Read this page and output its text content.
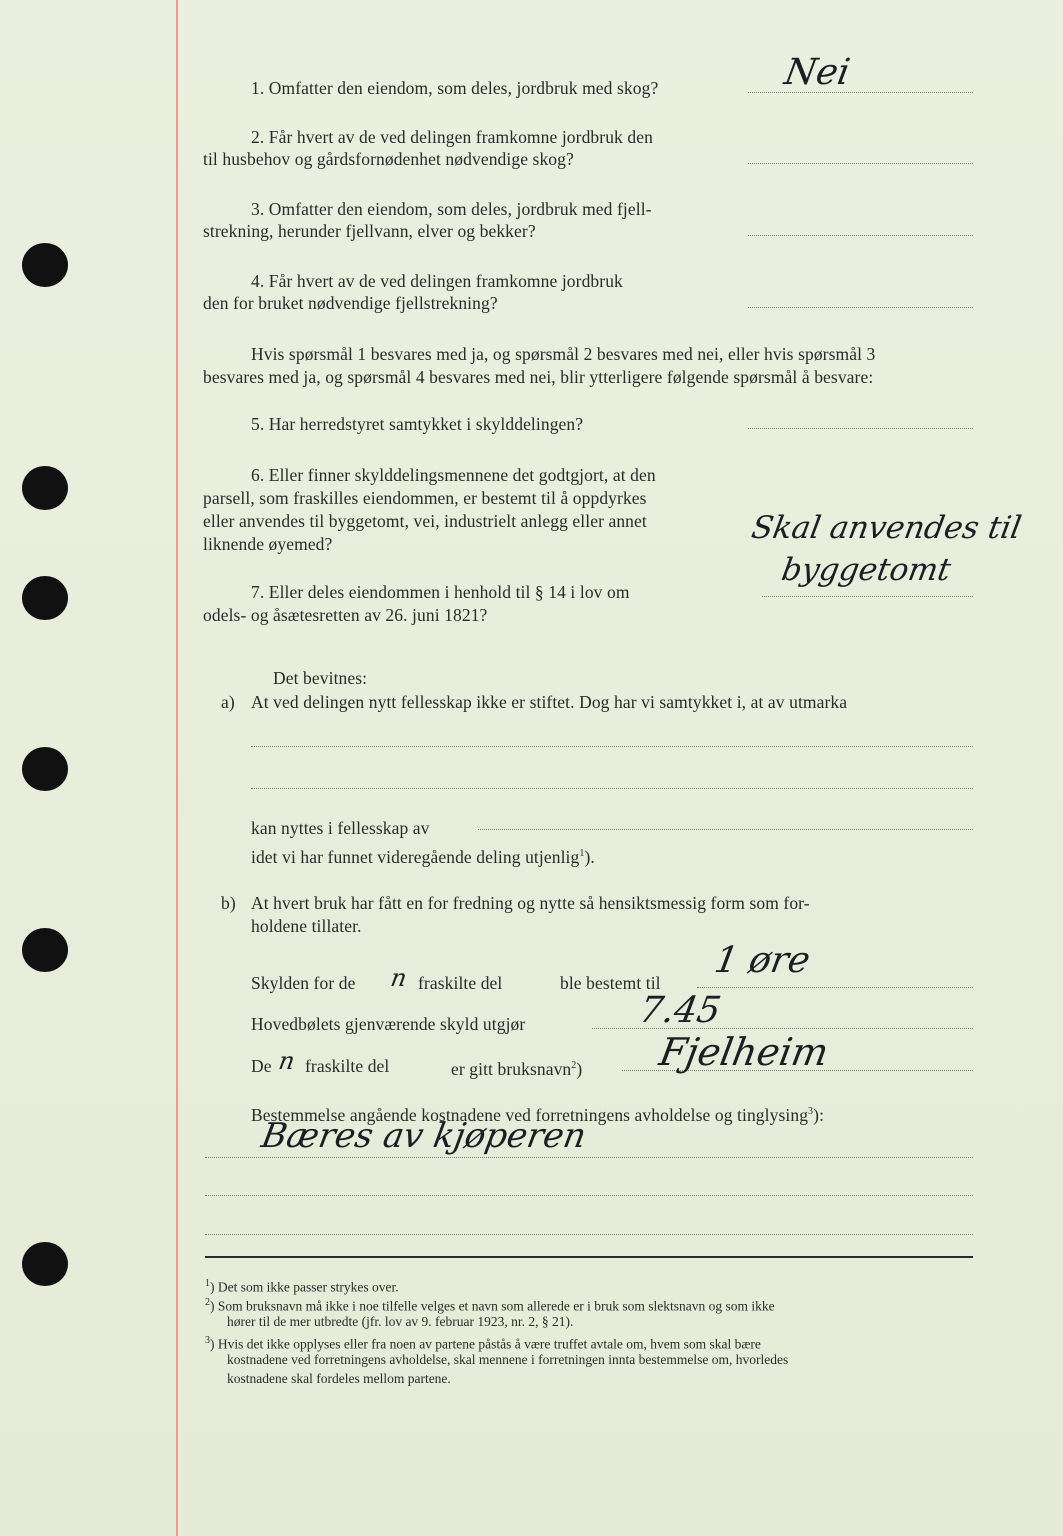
1. Omfatter den eiendom, som deles, jordbruk med skog?	Nei
2. Får hvert av de ved delingen framkomne jordbruk den
til husbehov og gårdsfornødenhet nødvendige skog?
3. Omfatter den eiendom, som deles, jordbruk med fjell-
strekning, herunder fjellvann, elver og bekker?
4. Får hvert av de ved delingen framkomne jordbruk
den for bruket nødvendige fjellstrekning?
Hvis spørsmål 1 besvares med ja, og spørsmål 2 besvares med nei, eller hvis spørsmål 3
besvares med ja, og spørsmål 4 besvares med nei, blir ytterligere følgende spørsmål å besvare:
5. Har herredstyret samtykket i skylddelingen?
6. Eller finner skylddelingsmennene det godtgjort, at den
parsell, som fraskilles eiendommen, er bestemt til å oppdyrkes
eller anvendes til byggetomt, vei, industrielt anlegg eller annet
liknende øyemed?	Skal anvendes til
byggetomt
7. Eller deles eiendommen i henhold til § 14 i lov om
odels- og åsætesretten av 26. juni 1821?
Det bevitnes:
a) At ved delingen nytt fellesskap ikke er stiftet. Dog har vi samtykket i, at av utmarka
kan nyttes i fellesskap av
idet vi har funnet videregående deling utjenlig$^1$).
b) At hvert bruk har fått en for fredning og nytte så hensiktsmessig form som for-
holdene tillater.
Skylden for de n fraskilte del	ble bestemt til
1 øre
Hovedbølets gjenværende skyld utgjør	7.45
De n fraskilte del	er gitt bruksnavn$^2$) Fjelheim
Bestemmelse angående kostnadene ved forretningens avholdelse og tinglysing$^3$):
Bæres av kjøperen
$^1$) Det som ikke passer strykes over.
$^2$) Som bruksnavn må ikke i noe tilfelle velges et navn som allerede er i bruk som slektsnavn og som ikke
hører til de mer utbredte (jfr. lov av 9. februar 1923, nr. 2, § 21).
$^3$) Hvis det ikke opplyses eller fra noen av partene påstås å være truffet avtale om, hvem som skal bære
kostnadene ved forretningens avholdelse, skal mennene i forretningen innta bestemmelse om, hvorledes
kostnadene skal fordeles mellom partene.
